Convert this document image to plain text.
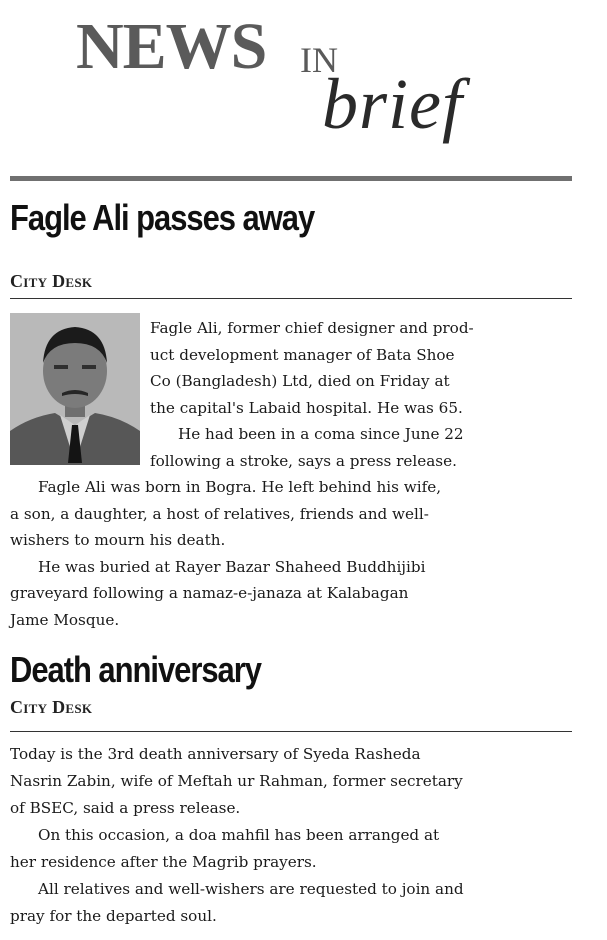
NEWS IN
brief
Fagle Ali passes away

City Desk

Fagle Ali, former chief designer and prod-
uct development manager of Bata Shoe
Co (Bangladesh) Ltd, died on Friday at
the capital's Labaid hospital. He was 65.
He had been in a coma since June 22
following a stroke, says a press release.
Fagle Ali was born in Bogra. He left behind his wife,
a son, a daughter, a host of relatives, friends and well-
wishers to mourn his death.
He was buried at Rayer Bazar Shaheed Buddhijibi
graveyard following a namaz-e-janaza at Kalabagan
Jame Mosque.
Death anniversary

City Desk

Today is the 3rd death anniversary of Syeda Rasheda
Nasrin Zabin, wife of Meftah ur Rahman, former secretary
of BSEC, said a press release.
On this occasion, a doa mahfil has been arranged at
her residence after the Magrib prayers.
All relatives and well-wishers are requested to join and
pray for the departed soul.
